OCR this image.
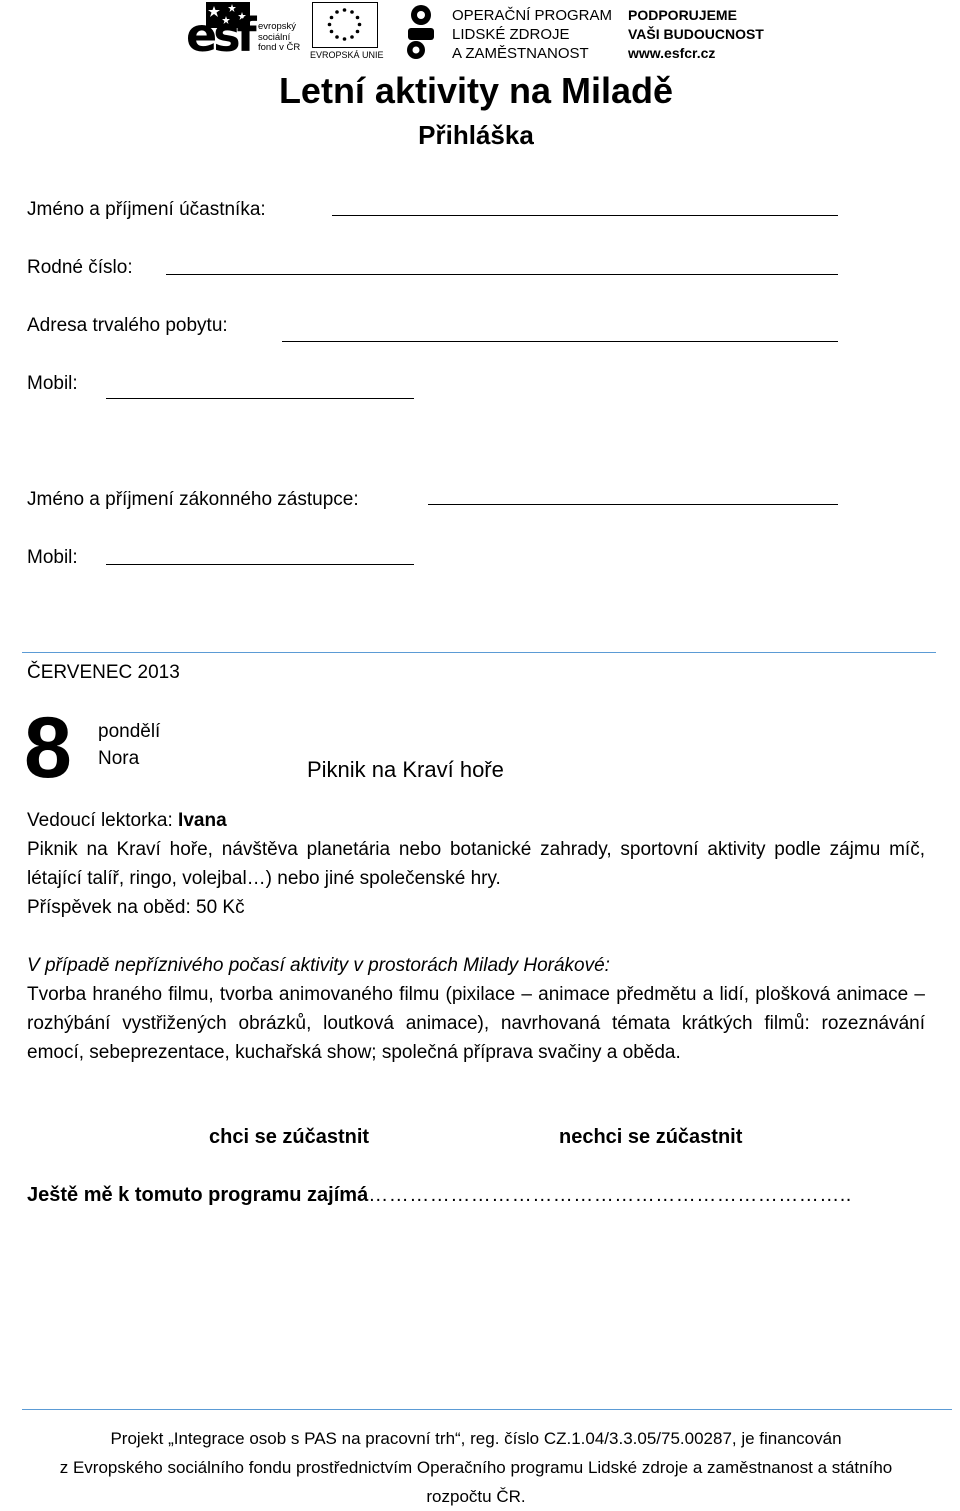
esf evropský
sociální
fond v ČR
EVROPSKÁ UNIE
OPERAČNÍ PROGRAM
LIDSKÉ ZDROJE
A ZAMĚSTNANOST
PODPORUJEME
VAŠI BUDOUCNOST
www.esfcr.cz
Letní aktivity na Miladě
Přihláška
Jméno a příjmení účastníka:
Rodné číslo:
Adresa trvalého pobytu:
Mobil:
Jméno a příjmení zákonného zástupce:
Mobil:
ČERVENEC 2013
8 pondělí
Nora	Piknik na Kraví hoře
Vedoucí lektorka: Ivana
Piknik na Kraví hoře, návštěva planetária nebo botanické zahrady, sportovní aktivity podle zájmu míč, létající talíř, ringo, volejbal…) nebo jiné společenské hry.
Příspěvek na oběd: 50 Kč
V případě nepříznivého počasí aktivity v prostorách Milady Horákové:
Tvorba hraného filmu, tvorba animovaného filmu (pixilace – animace předmětu a lidí, plošková animace – rozhýbání vystřižených obrázků, loutková animace), navrhovaná témata krátkých filmů: rozeznávání emocí, sebeprezentace, kuchařská show; společná příprava svačiny a oběda.
chci se zúčastnit	nechci se zúčastnit
Ještě mě k tomuto programu zajímá……………………………………………………………..
Projekt „Integrace osob s PAS na pracovní trh“, reg. číslo CZ.1.04/3.3.05/75.00287, je financován
z Evropského sociálního fondu prostřednictvím Operačního programu Lidské zdroje a zaměstnanost a státního
rozpočtu ČR.
